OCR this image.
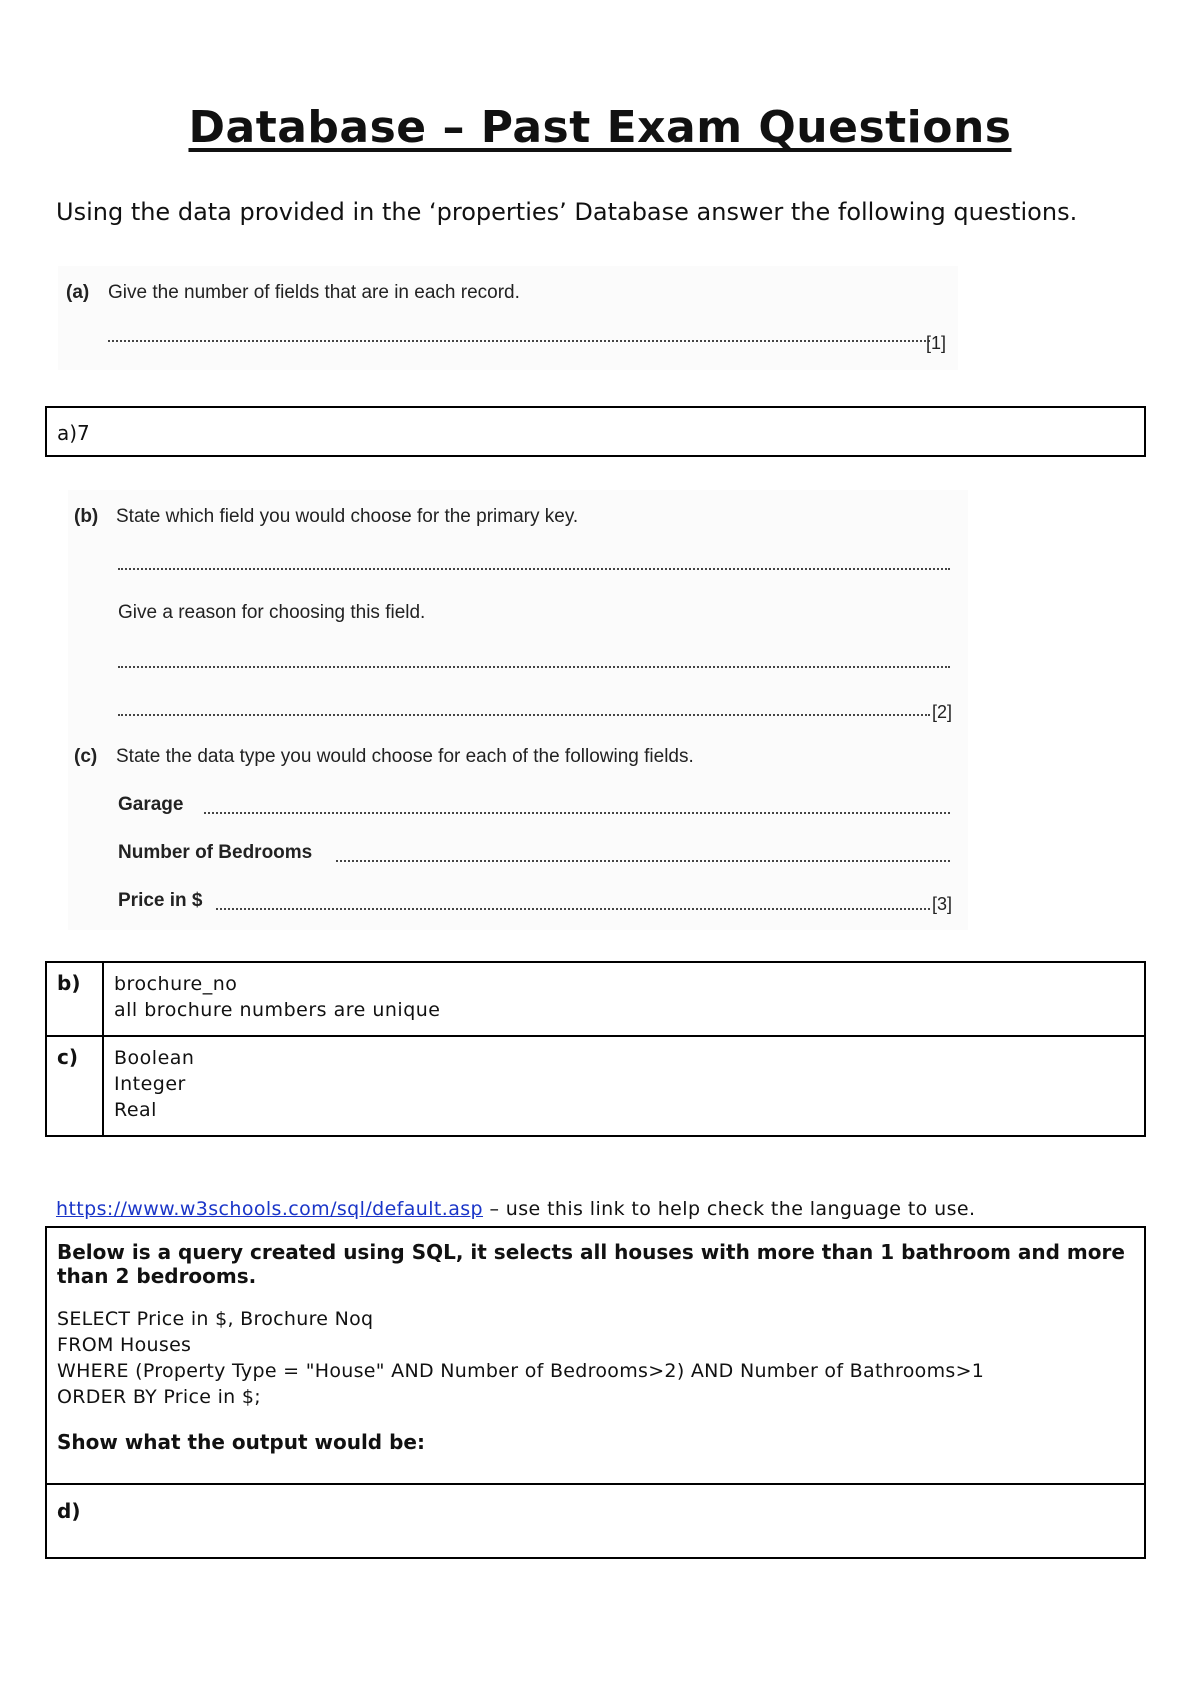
Database – Past Exam Questions
Using the data provided in the ‘properties’ Database answer the following questions.
(a) Give the number of fields that are in each record.
[1]
a)7
(b) State which field you would choose for the primary key.
Give a reason for choosing this field.
[2]
(c) State the data type you would choose for each of the following fields.
Garage
Number of Bedrooms
Price in $	[3]
b)	brochure_no
all brochure numbers are unique

c)	Boolean
Integer
Real
https://www.w3schools.com/sql/default.asp – use this link to help check the language to use.
Below is a query created using SQL, it selects all houses with more than 1 bathroom and more than 2 bedrooms.
SELECT Price in $, Brochure Noq
FROM Houses
WHERE (Property Type = "House" AND Number of Bedrooms>2) AND Number of Bathrooms>1
ORDER BY Price in $;
Show what the output would be:
d)
